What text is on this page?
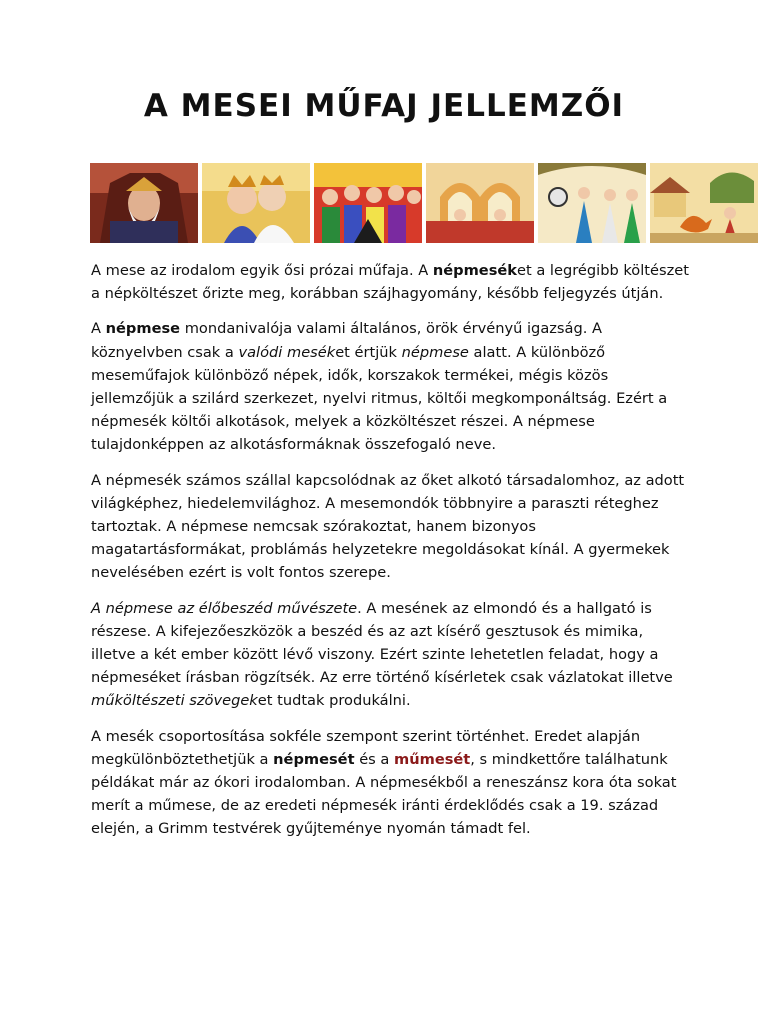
A MESEI MŰFAJ JELLEMZŐI

A mese az irodalom egyik ősi prózai műfaja. A népmeséket a legrégibb költészet a népköltészet őrizte meg, korábban szájhagyomány, később feljegyzés útján.

A népmese mondanivalója valami általános, örök érvényű igazság. A köznyelvben csak a valódi meséket értjük népmese alatt. A különböző meseműfajok különböző népek, idők, korszakok termékei, mégis közös jellemzőjük a szilárd szerkezet, nyelvi ritmus, költői megkomponáltság. Ezért a népmesék költői alkotások, melyek a közköltészet részei. A népmese tulajdonképpen az alkotásformáknak összefogaló neve.

A népmesék számos szállal kapcsolódnak az őket alkotó társadalomhoz, az adott világképhez, hiedelemvilághoz. A mesemondók többnyire a paraszti réteghez tartoztak. A népmese nemcsak szórakoztat, hanem bizonyos magatartásformákat, problámás helyzetekre megoldásokat kínál. A gyermekek nevelésében ezért is volt fontos szerepe.

A népmese az élőbeszéd művészete. A mesének az elmondó és a hallgató is részese. A kifejezőeszközök a beszéd és az azt kísérő gesztusok és mimika, illetve a két ember között lévő viszony. Ezért szinte lehetetlen feladat, hogy a népmeséket írásban rögzítsék. Az erre történő kísérletek csak vázlatokat illetve műköltészeti szövegeket tudtak produkálni.

A mesék csoportosítása sokféle szempont szerint történhet. Eredet alapján megkülönböztethetjük a népmesét és a műmesét, s mindkettőre találhatunk példákat már az ókori irodalomban. A népmesékből a reneszánsz kora óta sokat merít a műmese, de az eredeti népmesék iránti érdeklődés csak a 19. század elején, a Grimm testvérek gyűjteménye nyomán támadt fel.
